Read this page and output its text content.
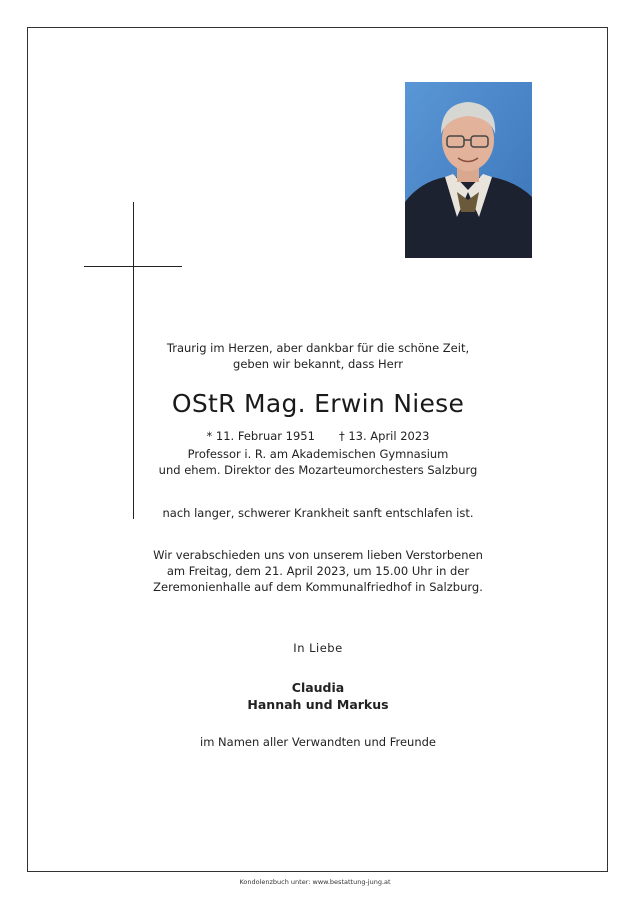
Traurig im Herzen, aber dankbar für die schöne Zeit,
geben wir bekannt, dass Herr
OStR Mag. Erwin Niese
* 11. Februar 1951 † 13. April 2023
Professor i. R. am Akademischen Gymnasium
und ehem. Direktor des Mozarteumorchesters Salzburg
nach langer, schwerer Krankheit sanft entschlafen ist.
Wir verabschieden uns von unserem lieben Verstorbenen
am Freitag, dem 21. April 2023, um 15.00 Uhr in der
Zeremonienhalle auf dem Kommunalfriedhof in Salzburg.
In Liebe
Claudia
Hannah und Markus
im Namen aller Verwandten und Freunde
Kondolenzbuch unter: www.bestattung-jung.at
